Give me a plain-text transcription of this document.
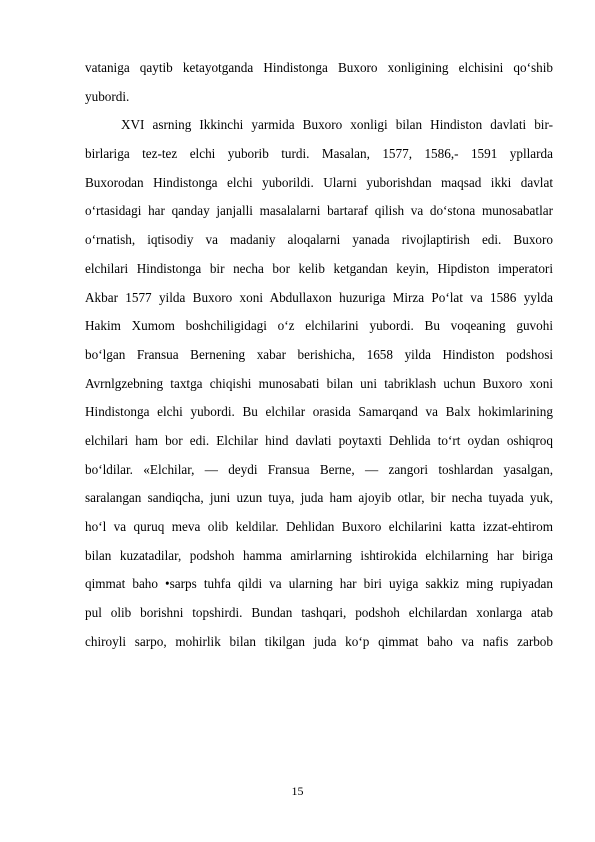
vataniga qaytib ketayotganda Hindistonga Buxoro xonligining elchisini qo‘shib
yubordi.
XVI asrning Ikkinchi yarmida Buxoro xonligi bilan Hindiston davlati bir-
birlariga tez-tez elchi yuborib turdi. Masalan, 1577, 1586,- 1591 ypllarda
Buxorodan Hindistonga elchi yuborildi. Ularni yuborishdan maqsad ikki davlat
o‘rtasidagi har qanday janjalli masalalarni bartaraf qilish va do‘stona munosabatlar
o‘rnatish, iqtisodiy va madaniy aloqalarni yanada rivojlaptirish edi. Buxoro
elchilari Hindistonga bir necha bor kelib ketgandan keyin, Hipdiston imperatori
Akbar 1577 yilda Buxoro xoni Abdullaxon huzuriga Mirza Po‘lat va 1586 yylda
Hakim Xumom boshchiligidagi o‘z elchilarini yubordi. Bu voqeaning guvohi
bo‘lgan Fransua Bernening xabar berishicha, 1658 yilda Hindiston podshosi
Avrnlgzebning taxtga chiqishi munosabati bilan uni tabriklash uchun Buxoro xoni
Hindistonga elchi yubordi. Bu elchilar orasida Samarqand va Balx hokimlarining
elchilari ham bor edi. Elchilar hind davlati poytaxti Dehlida to‘rt oydan oshiqroq
bo‘ldilar. «Elchilar, — deydi Fransua Berne, — zangori toshlardan yasalgan,
saralangan sandiqcha, juni uzun tuya, juda ham ajoyib otlar, bir necha tuyada yuk,
ho‘l va quruq meva olib keldilar. Dehlidan Buxoro elchilarini katta izzat-ehtirom
bilan kuzatadilar, podshoh hamma amirlarning ishtirokida elchilarning har biriga
qimmat baho •sarps tuhfa qildi va ularning har biri uyiga sakkiz ming rupiyadan
pul olib borishni topshirdi. Bundan tashqari, podshoh elchilardan xonlarga atab
chiroyli sarpo, mohirlik bilan tikilgan juda ko‘p qimmat baho va nafis zarbob
15
